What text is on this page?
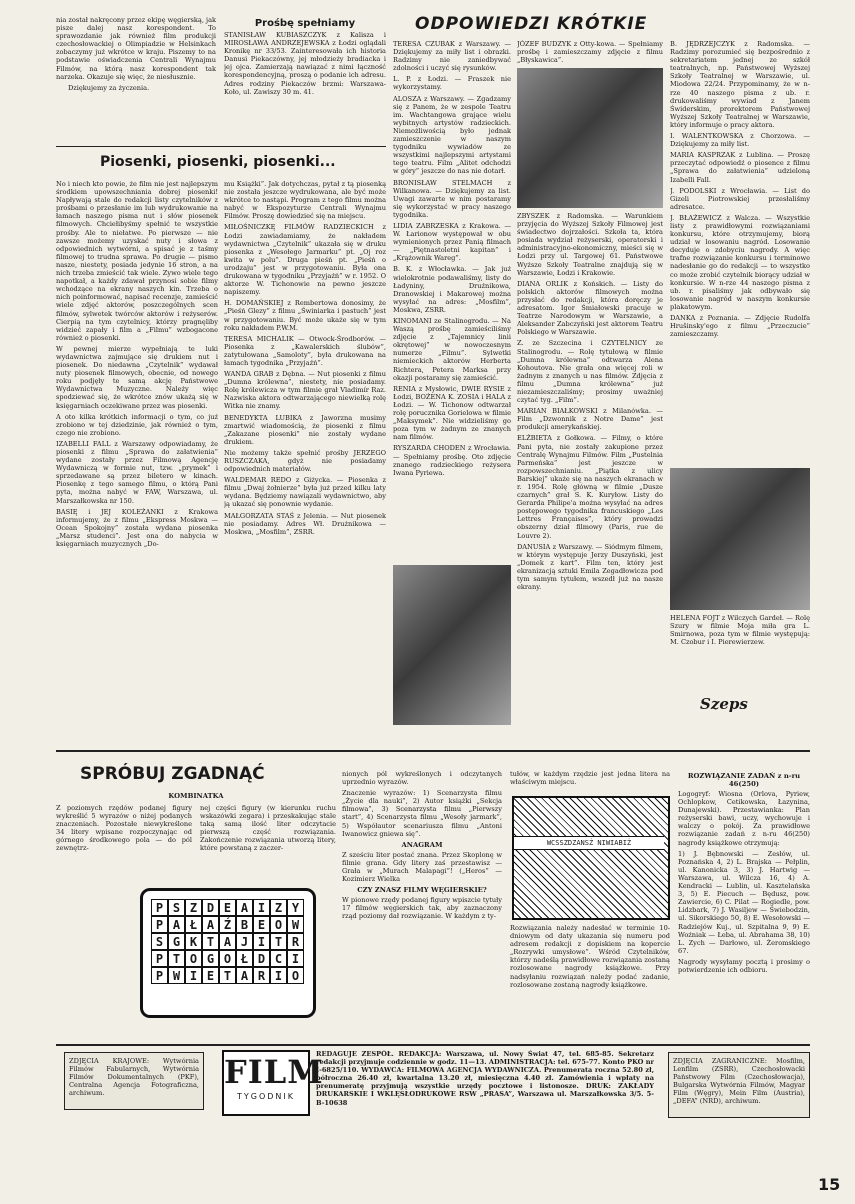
nia został nakręcony przez ekipę węgierską, jak pisze dalej nasz korespondent. To sprawozdanie jak również film produkcji czechosłowackiej o Olimpiadzie w Helsinkach zobaczymy już wkrótce w kraju. Piszemy to na podstawie oświadczenia Centrali Wynajmu Filmów, na którą nasz korespondent tak narzeka. Okazuje się więc, że niesłusznie.

Dziękujemy za życzenia.

Prośbę spełniamy

STANISŁAW KUBIASZCZYK z Kalisza i MIROSŁAWA ANDRZEJEWSKA z Łodzi oglądali Kronikę nr 33/53. Zainteresowała ich historia Danusi Piekaczówny, jej młodzieży bradiacka i jej ojca. Zamierzają nawiązać z nimi łączność korespondencyjną, proszą o podanie ich adresu. Adres rodziny Piekaczów brzmi: Warszawa-Koło, ul. Zawiszy 30 m. 41.

Piosenki, piosenki, piosenki...

No i niech kto powie, że film nie jest najlepszym środkiem upowszechniania dobrej piosenki! Napływają stale do redakcji listy czytelników z prośbami o przesłanie im lub wydrukowanie na łamach naszego pisma nut i słów piosenek filmowych. Chciełibyśmy spełnić te wszystkie prośby. Ale to niełatwe. Po pierwsze — nie zawsze możemy uzyskać nuty i słowa z odpowiednich wytwórni, a spisać je z taśmy filmowej to trudna sprawa. Po drugie — pismo nasze, niestety, posiada jedynie 16 stron, a na nich trzeba zmieścić tak wiele. Zywo wiele tego napotkał, a każdy zdawał przynosi sobie filmy wchodzące na ekrany naszych kin. Trzeba o nich poinformować, napisać recenzje, zamieścić wiele zdjęć aktorów, poszczególnych scen filmów, sylwetek twórców aktorów i reżyserów. Cierpią na tym czytelnicy, którzy pragnęliby widzieć zapały i film a „Filmu” wzbogacone również o piosenki.

W pewnej mierze wypełniają te luki wydawnictwa zajmujące się drukiem nut i piosenek. Do niedawna „Czytelnik” wydawał nuty piosenek filmowych, obecnie, od nowego roku podjęły te samą akcję Państwowe Wydawnictwa Muzyczne. Należy więc spodziewać się, że wkrótce znów ukażą się w księgarniach oczekiwane przez was piosenki.

A oto kilka krótkich informacji o tym, co już zrobiono w tej dziedzinie, jak również o tym, czego nie zrobiono.

IZABELLI FALL z Warszawy odpowiadamy, że piosenki z filmu „Sprawa do załatwienia” wydane zostały przez Filmową Agencję Wydawniczą w formie nut, tzw. „prymek” i sprzedawane są przez biletero w kinach. Piosenkę z tego samego filmu, o którą Pani pyta, można nabyć w FAW, Warszawa, ul. Marszałkowska nr 150.

BASIĘ i JEJ KOLEŻANKI z Krakowa informujemy, że z filmu „Ekspress Moskwa — Ocean Spokojny” została wydana piosenka „Marsz studenci”. Jest ona do nabycia w księgarniach muzycznych „Do-

mu Książki”. Jak dotychczas, pytał z tą piosenką nie została jeszcze wydrukowana, ale być może wkrótce to nastąpi. Program z tego filmu można nabyć w Ekspozyturze Centrali Wynajmu Filmów. Proszę dowiedzieć się na miejscu.

MIŁOŚNICZKĘ FILMÓW RADZIECKICH z Łodzi zawiadamiamy, że nakładem wydawnictwa „Czytelnik” ukazała się w druku piosenka z „Wesołego Jarmarku” pt. „Oj roz kwita w polu”. Druga pieśń pt. „Pieśń o urodzaju” jest w przygotowaniu. Była ona drukowana w tygodniku „Przyjaźń” w r. 1952. O aktorze W. Tichonowie na pewno jeszcze napiszemy.

H. DOMAŃSKIEJ z Rembertowa donosimy, że „Pieśń Glezy” z filmu „Świniarka i pastuch” jest w przygotowaniu. Być może ukaże się w tym roku nakładem P.W.M.

TERESA MICHALIK — Otwock-Środborów. — Piosenka z „Kawalerskich ślubów”, zatytułowana „Samoloty”, była drukowana na łamach tygodnika „Przyjaźń”.

WANDA GRAB z Dębna. — Nut piosenki z filmu „Dumna królewna”, niestety, nie posiadamy. Rolę królewicza w tym filmie grał Vladimír Raz. Nazwiska aktora odtwarzającego niewielką rolę Witka nie znamy.

BENEDYKTA LUBIKA z Jaworzna musimy zmartwić wiadomością, że piosenki z filmu „Zakazane piosenki” nie zostały wydane drukiem.

Nie możemy także spełnić prośby JERZEGO RUSZCZAKA, gdyż nie posiadamy odpowiednich materiałów.

WALDEMAR REDO z Giżycka. — Piosenka z filmu „Dwaj żołnierze” była już przed kilku laty wydana. Będziemy nawiązali wydawnictwo, aby ją ukazać się ponownie wydanie.

MAŁGORZATA STAŚ z Jelenia. — Nut piosenek nie posiadamy. Adres Wł. Drużnikowa — Moskwa, „Mosfilm”, ZSRR.

ODPOWIEDZI KRÓTKIE

TERESA CZUBAK z Warszawy. — Dziękujemy za miły list i obrazki. Radzimy nie zaniedbywać zdolności i uczyć się rysunków.

L. P. z Łodzi. — Fraszek nie wykorzystamy.

ALOSZA z Warszawy. — Zgadzamy się z Panem, że w zespole Teatru im. Wachtangowa grające wielu wybitnych artystów radzieckich. Niemożliwością było jednak zamieszczenie w naszym tygodniku wywiadów ze wszystkimi najlepszymi artystami tego teatru. Film „Alitet odchodzi w góry” jeszcze do nas nie dotarł.

BRONISŁAW STELMACH z Wilkanowa. — Dziękujemy za list. Uwagi zawarte w nim postaramy się wykorzystać w pracy naszego tygodnika.

LIDIA ZABRZESKA z Krakowa. — W. Łarionow występował w obu wymienionych przez Panią filmach — „Piętnastoletni kapitan” i „Krążownik Wareg”.

B. K. z Włocławka. — Jak już wielokrotnie podawaliśmy, listy do Ładyniny, Druźnikowa, Dranowskiej i Makarowej można wysyłać na adres: „Mosfilm”, Moskwa, ZSRR.

KINOMANI ze Stalinogrodu. — Na Waszą prośbę zamieściliśmy zdjęcie z „Tajemnicy linii okrętowej” w nowoczesnym numerze „Filmu”. Sylwetki niemieckich aktorów Herberta Richtera, Petera Marksa przy okazji postaramy się zamieścić.

RENIA z Mysłowic, DWIE RYSIE z Łodzi, BOŻENA K. ZOSIA i HALA z Łodzi. — W. Tichonow odtwarzał rolę porucznika Gorielowa w filmie „Maksymek”. Nie widzieliśmy go poza tym w żadnym ze znanych nam filmów.

RYSZARDA CHODEN z Wrocławia. — Spełniamy prośbę. Oto zdjęcie znanego radzieckiego reżysera Iwana Pyriewa.

JÓZEF BUDZYK z Otty-kowa. — Spełniamy prośbę i zamieszczamy zdjęcie z filmu „Błyskawica”.

ZBYSZEK z Radomska. — Warunkiem przyjęcia do Wyższej Szkoły Filmowej jest świadectwo dojrzałości. Szkoła ta, która posiada wydział reżyserski, operatorski i administracyjno-ekonomiczny, mieści się w Łodzi przy ul. Targowej 61. Państwowe Wyższe Szkoły Teatralne znajdują się w Warszawie, Łodzi i Krakowie.

DIANA ORLIK z Końskich. — Listy do polskich aktorów filmowych można przysłać do redakcji, która doręczy je adresatom. Igor Śmiałowski pracuje w Teatrze Narodowym w Warszawie, a Aleksander Zabczyński jest aktorem Teatru Polskiego w Warszawie.

Z. ze Szczecina i CZYTELNICY ze Stalinogrodu. — Rolę tytułową w filmie „Dumna królewna” odtwarza Alena Kohoutova. Nie grała ona więcej roli w żadnym z znanych u nas filmów. Zdjęcia z filmu „Dumna królewna” już niezamieszczaliśmy; prosimy uważniej czytać tyg. „Film”.

MARIAN BIAŁKOWSKI z Milanówka. — Film „Dzwonnik z Notre Dame” jest produkcji amerykańskiej.

ELŻBIETA z Gołkowa. — Filmy, o które Pani pyta, nie zostały zakupione przez Centralę Wynajmu Filmów. Film „Pustelnia Parmeńska” jest jeszcze w rozpowszechnianiu. „Piątka z ulicy Barskiej” ukaże się na naszych ekranach w r. 1954. Rolę główną w filmie „Dusze czarnych” grał S. K. Kuryłow. Listy do Gerarda Philipe'a można wysyłać na adres postępowego tygodnika francuskiego „Les Lettres Françaises”, który prowadzi obszerny dział filmowy (Paris, rue de Louvre 2).

DANUSIA z Warszawy. — Siódmym filmem, w którym występuje Jerzy Duszyński, jest „Domek z kart”. Film ten, który jest ekranizacją sztuki Emila Zegadłowicza pod tym samym tytułem, wszedł już na nasze ekrany.

B. JĘDRZEJCZYK z Radomska. — Radzimy porozumieć się bezpośrednio z sekretariatem jednej ze szkół teatralnych, np. Państwowej Wyższej Szkoły Teatralnej w Warszawie, ul. Miodowa 22/24. Przypominamy, że w n-rze 40 naszego pisma z ub. r. drukowaliśmy wywiad z Janem Świderskim, prorektorem Państwowej Wyższej Szkoły Teatralnej w Warszawie, który informuje o pracy aktora.

I. WALENTKOWSKA z Chorzowa. — Dziękujemy za miły list.

MARIA KASPRZAK z Lublina. — Proszę przeczytać odpowiedź o piosence z filmu „Sprawa do załatwienia” udzieloną Izabelli Fall.

J. PODOLSKI z Wrocławia. — List do Gizeli Piotrowskiej przesłaliśmy adresatce.

J. BŁAŻEWICZ z Walcza. — Wszystkie listy z prawidłowymi rozwiązaniami konkursu, które otrzymujemy, biorą udział w losowaniu nagród. Losowanie decyduje o zdobyciu nagrody. A więc trafne rozwiązanie konkursu i terminowe nadesłanie go do redakcji — to wszystko co może zrobić czytelnik biorący udział w konkursie. W n-rze 44 naszego pisma z ub. r. pisaliśmy jak odbywało się losowanie nagród w naszym konkursie plakatowym.

DANKA z Poznania. — Zdjęcie Rudolfa Hrušinsky'ego z filmu „Przeczucie” zamieszczamy.

HELENA FOJT z Wilczych Gardeł. — Rolę Szury w filmie Moja miła gra L. Smirnowa, poza tym w filmie występują: M. Czobur i I. Pierewierzew.

Szeps
SPRÓBUJ ZGADNĄĆ
KOMBINATKA

Z poziomych rzędów podanej figury wykreślić 5 wyrazów o niżej podanych znaczeniach. Pozostałe niewykreślone 34 litery wpisane rozpoczynając od górnego środkowego pola — do pól zewnętrz-

nej części figury (w kierunku ruchu wskazówki zegara) i przeskakując stale taką samą ilość liter odczytacie pierwszą część rozwiązania. Zakończenie rozwiązania utworzą litery, które powstaną z zaczer-

P S Z D E A I Z Y
P A Ł A Ź B E O W
S G K T A J I T R
P T O G O Ł D C I
P W I E T A R I O

nionych pól wykreślonych i odczytanych uprzednio wyrazów.

Znaczenie wyrazów: 1) Scenarzysta filmu „Życie dla nauki”, 2) Autor książki „Sekcja filmowa”, 3) Scenarzysta filmu „Pierwszy start”, 4) Scenarzysta filmu „Wesoły jarmark”, 5) Współautor scenariusza filmu „Antoni Iwanowicz gniewa się”.

ANAGRAM

Z sześciu liter postać znana. Przez Skoplonę w filmie grana. Gdy litery zaś przestawisz — Grała w „Murach Malapagi”! („Heros” — Kozimierz Wielka

CZY ZNASZ FILMY WĘGIERSKIE?

W pionowe rzędy podanej figury wpiszcie tytuły 17 filmów węgierskich tak, aby zaznaczony rząd poziomy dał rozwiązanie. W każdym z ty-

tułów, w każdym rzędzie jest jedna litera na właściwym miejscu.

WCSSZDZANSŻ NIWIABIŻ

Rozwiązania należy nadesłać w terminie 10-dniowym od daty ukazania się numeru pod adresem redakcji z dopiskiem na kopercie „Rozrywki umysłowe”. Wśród Czytelników, którzy nadeślą prawidłowe rozwiązania zostaną rozlosowane nagrody książkowe. Przy nadsyłaniu rozwiązań należy podać zadanie, rozlosowane zostaną nagrody książkowe.

ROZWIĄZANIE ZADAŃ z n-ru 46(250)

Logogryf: Wiosna (Orlova, Pyriew, Ochlopkow, Cetikowska, Łazynina, Dunajewski). Przestawianka: Plan reżyserski bawi, uczy, wychowuje i walczy o pokój. Za prawidłowe rozwiązanie zadań z n-ru 46(250) nagrody książkowe otrzymują:

1) J. Bębnowski — Zesłów, ul. Poznańska 4, 2) L. Brajska — Pełplin, ul. Kanonicka 3, 3) J. Hartwig — Warszawa, ul. Wilcza 16, 4) A. Kendracki — Lublin, ul. Kasztelańska 3, 5) E. Piecuch — Będusz, pow. Zawiercie, 6) C. Pilat — Rogiedle, pow. Lidzbark, 7) J. Wasiljew — Świebodzin, ul. Sikorskiego 50, 8) E. Wesołowski — Radziejów Kuj., ul. Szpitalna 9, 9) E. Woźniak — Łeba, ul. Abrahama 38, 10) L. Zych — Darłowo, ul. Żeromskiego 67.

Nagrody wysyłamy pocztą i prosimy o potwierdzenie ich odbioru.

ZDJĘCIA KRAJOWE: Wytwórnia Filmów Fabularnych, Wytwórnia Filmów Dokumentalnych (PKF), Centralna Agencja Fotograficzna, archiwum.

FILM
TYGODNIK

REDAGUJE ZESPÓŁ. REDAKCJA: Warszawa, ul. Nowy Świat 47, tel. 685-85. Sekretarz redakcji przyjmuje codziennie w godz. 11—13. ADMINISTRACJA: tel. 675-77. Konto PKO nr I-6825/110. WYDAWCA: FILMOWA AGENCJA WYDAWNICZA. Prenumerata roczna 52.80 zł, półroczna 26.40 zł, kwartalna 13.20 zł, miesięczna 4.40 zł. Zamówienia i wpłaty na prenumeratę przyjmują wszystkie urzędy pocztowe i listonosze. DRUK: ZAKŁADY DRUKARSKIE I WKLĘSŁODRUKOWE RSW „PRASA”, Warszawa ul. Marszałkowska 3/5. 5-B-10638

ZDJĘCIA ZAGRANICZNE: Mosfilm, Lenfilm (ZSRR), Czechosłowacki Państwowy Film (Czechosłowacja), Bulgarska Wytwórnia Filmów, Magyar Film (Węgry), Mein Film (Austria), „DEFA” (NRD), archiwum.

15
